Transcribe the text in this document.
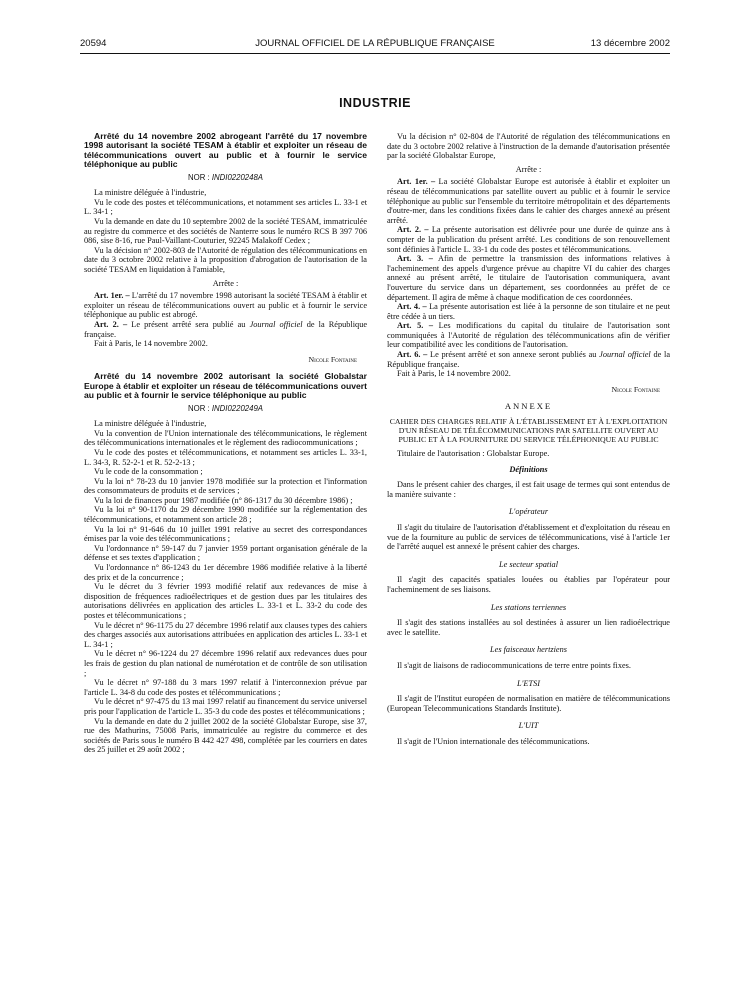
20594	JOURNAL OFFICIEL DE LA RÉPUBLIQUE FRANÇAISE	13 décembre 2002
INDUSTRIE

Arrêté du 14 novembre 2002 abrogeant l'arrêté du 17 novembre 1998 autorisant la société TESAM à établir et exploiter un réseau de télécommunications ouvert au public et à fournir le service téléphonique au public

NOR : INDI0220248A

La ministre déléguée à l'industrie,

Vu le code des postes et télécommunications, et notamment ses articles L. 33-1 et L. 34-1 ;

Vu la demande en date du 10 septembre 2002 de la société TESAM, immatriculée au registre du commerce et des sociétés de Nanterre sous le numéro RCS B 397 706 086, sise 8-16, rue Paul-Vaillant-Couturier, 92245 Malakoff Cedex ;

Vu la décision n° 2002-803 de l'Autorité de régulation des télécommunications en date du 3 octobre 2002 relative à la proposition d'abrogation de l'autorisation de la société TESAM en liquidation à l'amiable,

Arrête :

Art. 1er. – L'arrêté du 17 novembre 1998 autorisant la société TESAM à établir et exploiter un réseau de télécommunications ouvert au public et à fournir le service téléphonique au public est abrogé.

Art. 2. – Le présent arrêté sera publié au Journal officiel de la République française.

Fait à Paris, le 14 novembre 2002.

Nicole Fontaine

Arrêté du 14 novembre 2002 autorisant la société Globalstar Europe à établir et exploiter un réseau de télécommunications ouvert au public et à fournir le service téléphonique au public

NOR : INDI0220249A

La ministre déléguée à l'industrie,

Vu la convention de l'Union internationale des télécommunications, le règlement des télécommunications internationales et le règlement des radiocommunications ;

Vu le code des postes et télécommunications, et notamment ses articles L. 33-1, L. 34-3, R. 52-2-1 et R. 52-2-13 ;

Vu le code de la consommation ;

Vu la loi n° 78-23 du 10 janvier 1978 modifiée sur la protection et l'information des consommateurs de produits et de services ;

Vu la loi de finances pour 1987 modifiée (n° 86-1317 du 30 décembre 1986) ;

Vu la loi n° 90-1170 du 29 décembre 1990 modifiée sur la réglementation des télécommunications, et notamment son article 28 ;

Vu la loi n° 91-646 du 10 juillet 1991 relative au secret des correspondances émises par la voie des télécommunications ;

Vu l'ordonnance n° 59-147 du 7 janvier 1959 portant organisation générale de la défense et ses textes d'application ;

Vu l'ordonnance n° 86-1243 du 1er décembre 1986 modifiée relative à la liberté des prix et de la concurrence ;

Vu le décret du 3 février 1993 modifié relatif aux redevances de mise à disposition de fréquences radioélectriques et de gestion dues par les titulaires des autorisations délivrées en application des articles L. 33-1 et L. 33-2 du code des postes et télécommunications ;

Vu le décret n° 96-1175 du 27 décembre 1996 relatif aux clauses types des cahiers des charges associés aux autorisations attribuées en application des articles L. 33-1 et L. 34-1 ;

Vu le décret n° 96-1224 du 27 décembre 1996 relatif aux redevances dues pour les frais de gestion du plan national de numérotation et de contrôle de son utilisation ;

Vu le décret n° 97-188 du 3 mars 1997 relatif à l'interconnexion prévue par l'article L. 34-8 du code des postes et télécommunications ;

Vu le décret n° 97-475 du 13 mai 1997 relatif au financement du service universel pris pour l'application de l'article L. 35-3 du code des postes et télécommunications ;

Vu la demande en date du 2 juillet 2002 de la société Globalstar Europe, sise 37, rue des Mathurins, 75008 Paris, immatriculée au registre du commerce et des sociétés de Paris sous le numéro B 442 427 498, complétée par les courriers en dates des 25 juillet et 29 août 2002 ;

Vu la décision n° 02-804 de l'Autorité de régulation des télécommunications en date du 3 octobre 2002 relative à l'instruction de la demande d'autorisation présentée par la société Globalstar Europe,

Arrête :

Art. 1er. – La société Globalstar Europe est autorisée à établir et exploiter un réseau de télécommunications par satellite ouvert au public et à fournir le service téléphonique au public sur l'ensemble du territoire métropolitain et des départements d'outre-mer, dans les conditions fixées dans le cahier des charges annexé au présent arrêté.

Art. 2. – La présente autorisation est délivrée pour une durée de quinze ans à compter de la publication du présent arrêté. Les conditions de son renouvellement sont définies à l'article L. 33-1 du code des postes et télécommunications.

Art. 3. – Afin de permettre la transmission des informations relatives à l'acheminement des appels d'urgence prévue au chapitre VI du cahier des charges annexé au présent arrêté, le titulaire de l'autorisation communiquera, avant l'ouverture du service dans un département, ses coordonnées au préfet de ce département. Il agira de même à chaque modification de ces coordonnées.

Art. 4. – La présente autorisation est liée à la personne de son titulaire et ne peut être cédée à un tiers.

Art. 5. – Les modifications du capital du titulaire de l'autorisation sont communiquées à l'Autorité de régulation des télécommunications afin de vérifier leur compatibilité avec les conditions de l'autorisation.

Art. 6. – Le présent arrêté et son annexe seront publiés au Journal officiel de la République française.

Fait à Paris, le 14 novembre 2002.

Nicole Fontaine
ANNEXE
CAHIER DES CHARGES RELATIF À L'ÉTABLISSEMENT ET À L'EXPLOITATION D'UN RÉSEAU DE TÉLÉCOMMUNICATIONS PAR SATELLITE OUVERT AU PUBLIC ET À LA FOURNITURE DU SERVICE TÉLÉPHONIQUE AU PUBLIC

Titulaire de l'autorisation : Globalstar Europe.

Définitions

Dans le présent cahier des charges, il est fait usage de termes qui sont entendus de la manière suivante :

L'opérateur

Il s'agit du titulaire de l'autorisation d'établissement et d'exploitation du réseau en vue de la fourniture au public de services de télécommunications, visé à l'article 1er de l'arrêté auquel est annexé le présent cahier des charges.

Le secteur spatial

Il s'agit des capacités spatiales louées ou établies par l'opérateur pour l'acheminement de ses liaisons.

Les stations terriennes

Il s'agit des stations installées au sol destinées à assurer un lien radioélectrique avec le satellite.

Les faisceaux hertziens

Il s'agit de liaisons de radiocommunications de terre entre points fixes.

L'ETSI

Il s'agit de l'Institut européen de normalisation en matière de télécommunications (European Telecommunications Standards Institute).

L'UIT

Il s'agit de l'Union internationale des télécommunications.
